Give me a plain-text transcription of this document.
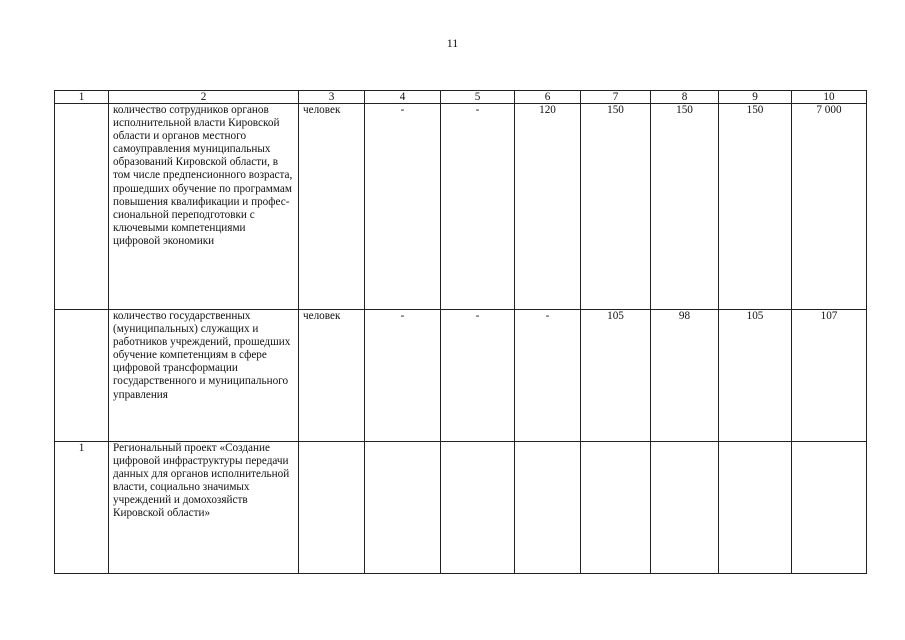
11
1	2	3	4	5	6	7	8	9	10
	количество сотрудников органов исполнительной власти Кировской области и органов местного самоуправления муниципальных образований Кировской области, в том числе предпенсионного возраста, прошедших обучение по программам повышения квалификации и профес-сиональной переподготовки с ключевыми компетенциями цифровой экономики	человек	-	-	120	150	150	150	7 000
	количество государственных (муниципальных) служащих и работников учреждений, прошедших обучение компетенциям в сфере цифровой трансформации государственного и муниципального управления	человек	-	-	-	105	98	105	107
1	Региональный проект «Создание цифровой инфраструктуры передачи данных для органов исполнительной власти, социально значимых учреждений и домохозяйств Кировской области»								
